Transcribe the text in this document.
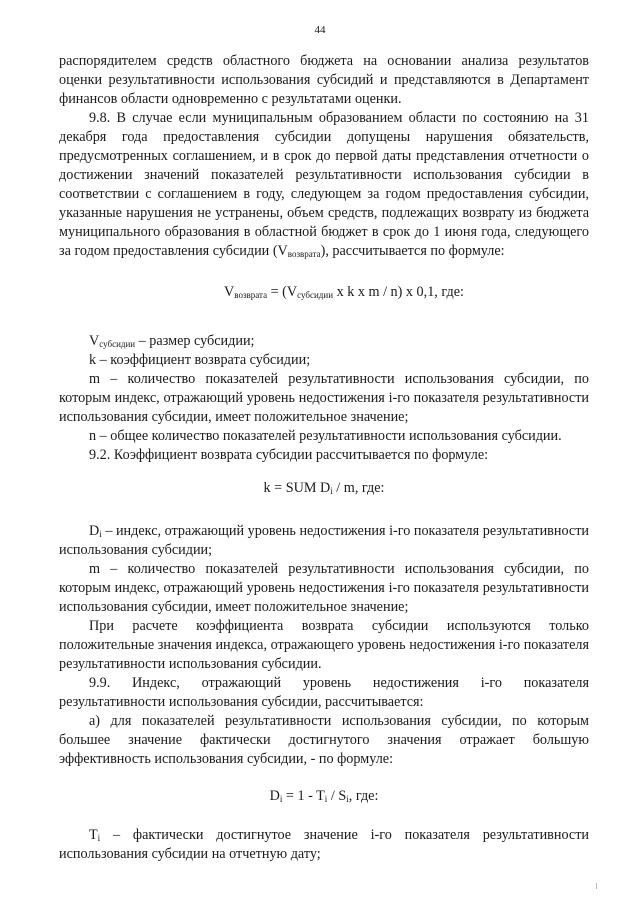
44

распорядителем средств областного бюджета на основании анализа результатов оценки результативности использования субсидий и представляются в Департамент финансов области одновременно с результатами оценки.

9.8. В случае если муниципальным образованием области по состоянию на 31 декабря года предоставления субсидии допущены нарушения обязательств, предусмотренных соглашением, и в срок до первой даты представления отчетности о достижении значений показателей результативности использования субсидии в соответствии с соглашением в году, следующем за годом предоставления субсидии, указанные нарушения не устранены, объем средств, подлежащих возврату из бюджета муниципального образования в областной бюджет в срок до 1 июня года, следующего за годом предоставления субсидии $(V_{возврата})$, рассчитывается по формуле:

$V_{возврата} = (V_{субсидии}$ x k x m / n) x 0,1, где:

$V_{субсидии}$ – размер субсидии;

k – коэффициент возврата субсидии;

m – количество показателей результативности использования субсидии, по которым индекс, отражающий уровень недостижения i-го показателя результативности использования субсидии, имеет положительное значение;

n – общее количество показателей результативности использования субсидии.

9.2. Коэффициент возврата субсидии рассчитывается по формуле:

k = SUM $D_i$ / m, где:

$D_i$ – индекс, отражающий уровень недостижения i-го показателя результативности использования субсидии;

m – количество показателей результативности использования субсидии, по которым индекс, отражающий уровень недостижения i-го показателя результативности использования субсидии, имеет положительное значение;

При расчете коэффициента возврата субсидии используются только положительные значения индекса, отражающего уровень недостижения i-го показателя результативности использования субсидии.

9.9. Индекс, отражающий уровень недостижения i-го показателя результативности использования субсидии, рассчитывается:

а) для показателей результативности использования субсидии, по которым большее значение фактически достигнутого значения отражает большую эффективность использования субсидии, - по формуле:

$D_i = 1 - T_i / S_i$, где:

$T_i$ – фактически достигнутое значение i-го показателя результативности использования субсидии на отчетную дату;
